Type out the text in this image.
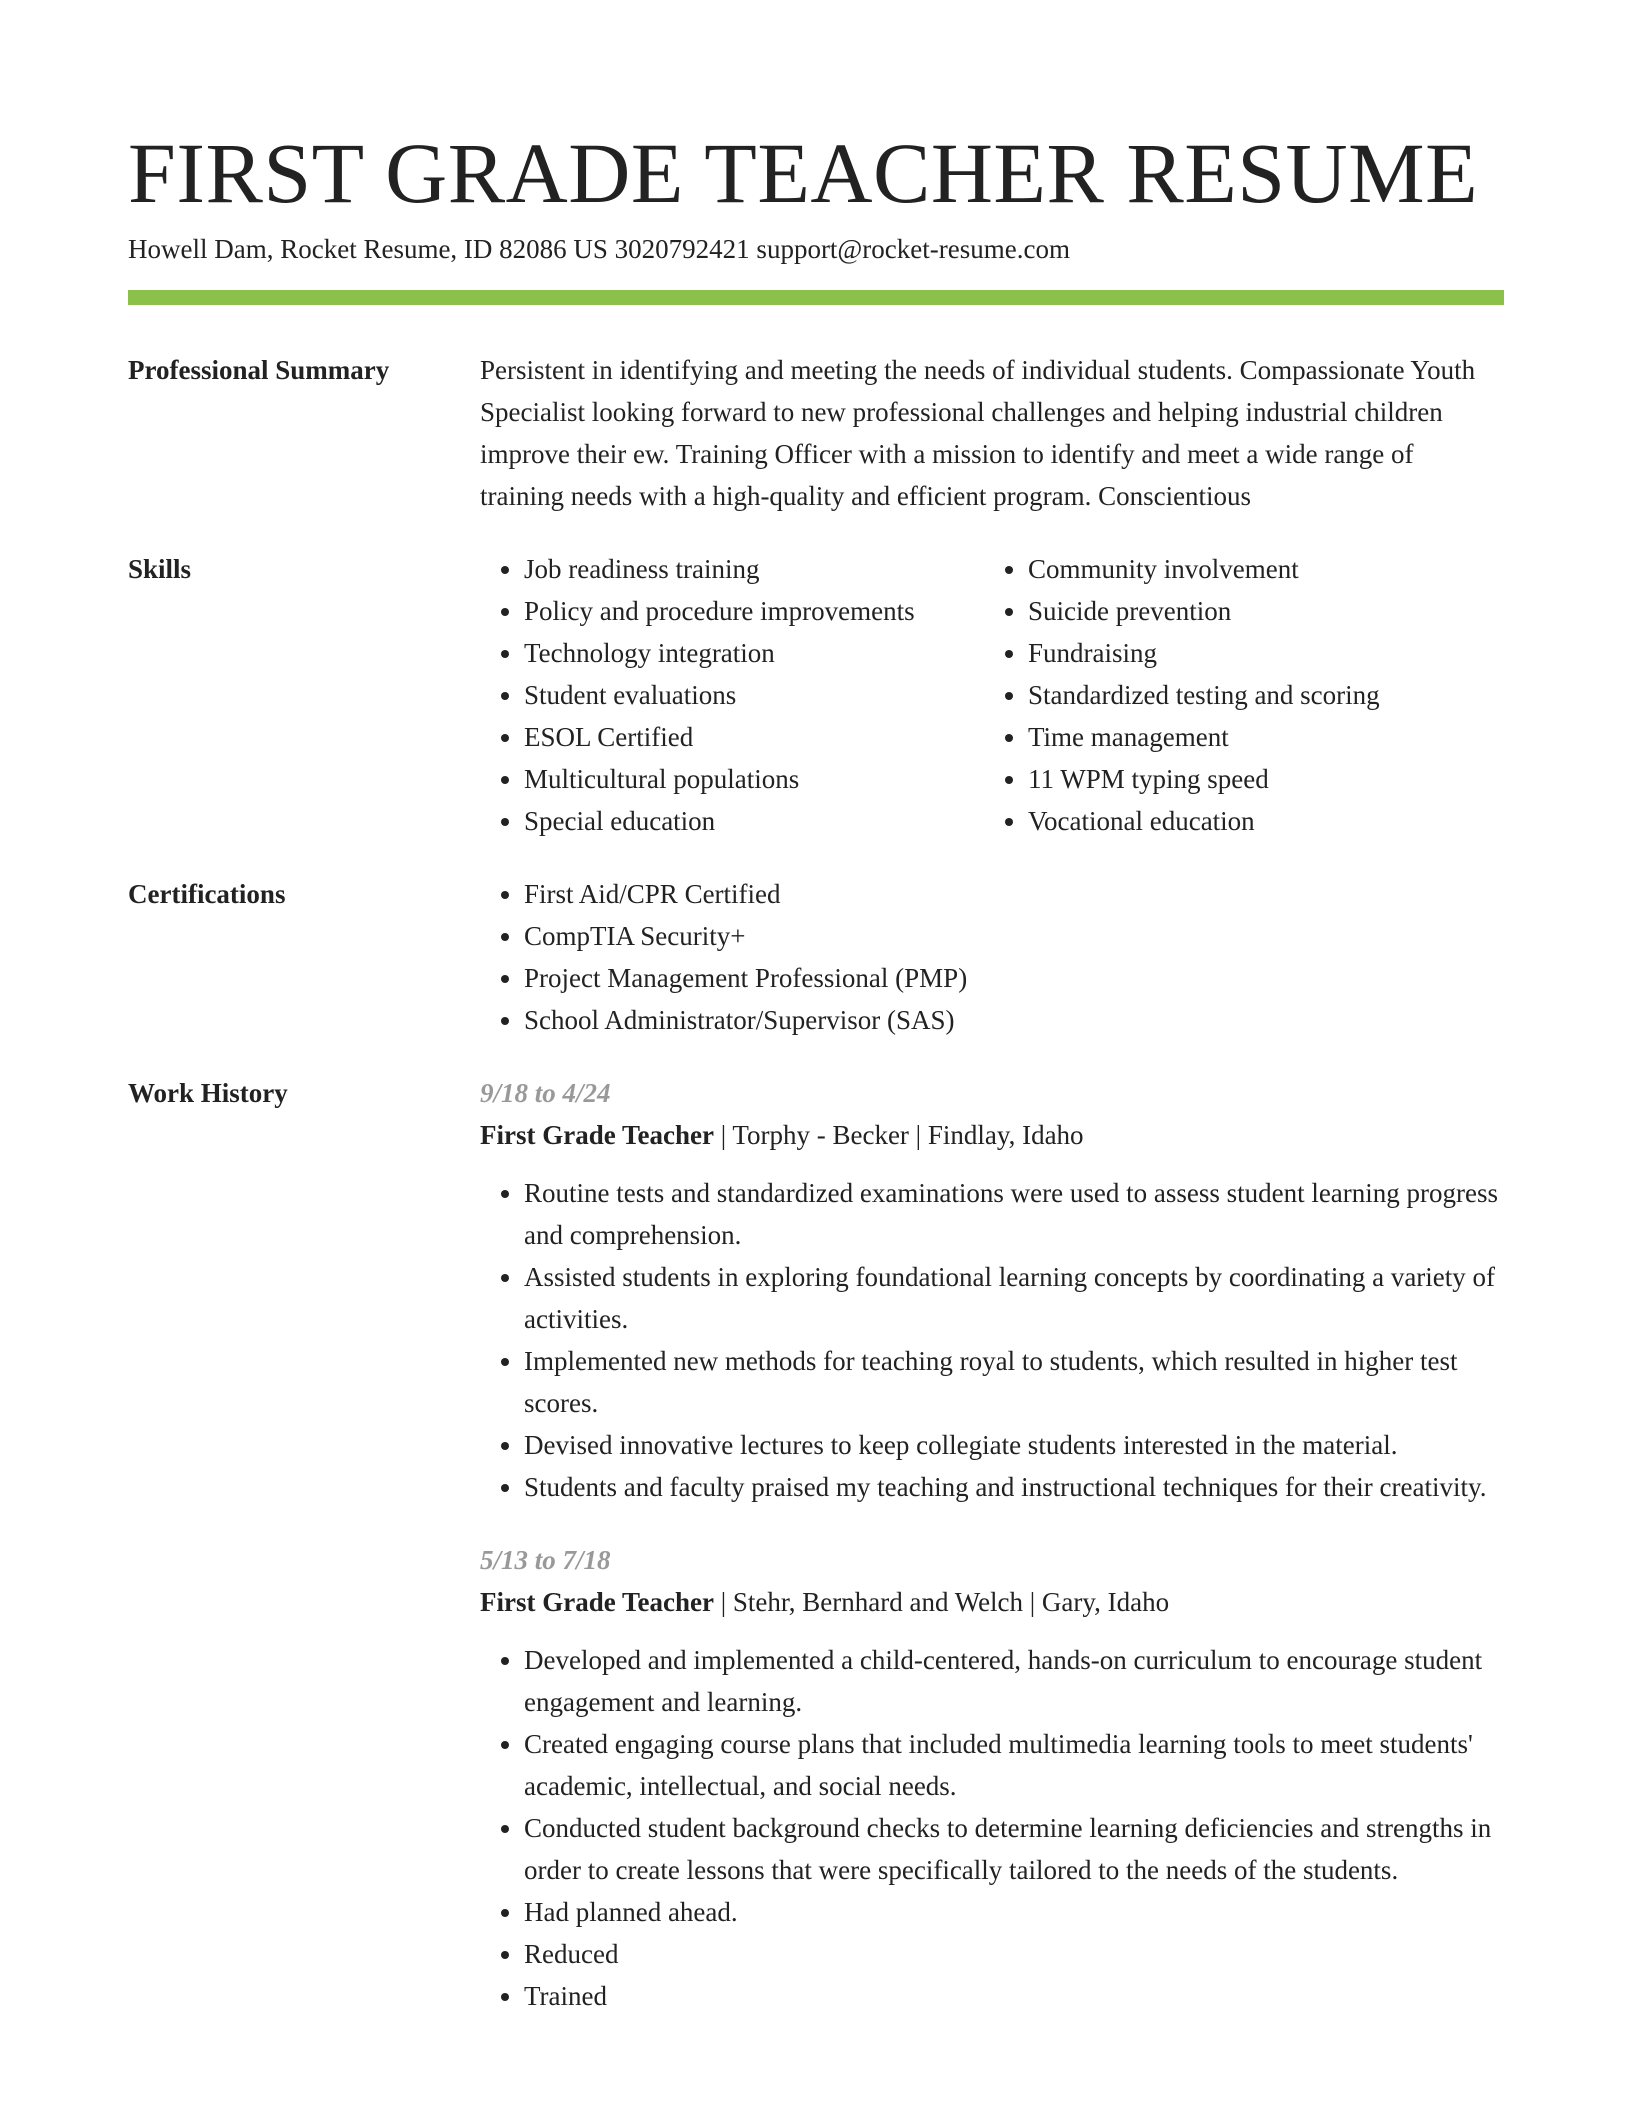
FIRST GRADE TEACHER RESUME
Howell Dam, Rocket Resume, ID 82086 US 3020792421 support@rocket-resume.com
Professional Summary	Persistent in identifying and meeting the needs of individual students. Compassionate Youth Specialist looking forward to new professional challenges and helping industrial children improve their ew. Training Officer with a mission to identify and meet a wide range of training needs with a high-quality and efficient program. Conscientious

Skills	• Job readiness training
• Policy and procedure improvements
• Technology integration
• Student evaluations
• ESOL Certified
• Multicultural populations
• Special education
• Community involvement
• Suicide prevention
• Fundraising
• Standardized testing and scoring
• Time management
• 11 WPM typing speed
• Vocational education
Certifications	• First Aid/CPR Certified
• CompTIA Security+
• Project Management Professional (PMP)
• School Administrator/Supervisor (SAS)
Work History	9/18 to 4/24
First Grade Teacher | Torphy - Becker | Findlay, Idaho
• Routine tests and standardized examinations were used to assess student learning progress and comprehension.
• Assisted students in exploring foundational learning concepts by coordinating a variety of activities.
• Implemented new methods for teaching royal to students, which resulted in higher test scores.
• Devised innovative lectures to keep collegiate students interested in the material.
• Students and faculty praised my teaching and instructional techniques for their creativity.
5/13 to 7/18
First Grade Teacher | Stehr, Bernhard and Welch | Gary, Idaho
• Developed and implemented a child-centered, hands-on curriculum to encourage student engagement and learning.
• Created engaging course plans that included multimedia learning tools to meet students' academic, intellectual, and social needs.
• Conducted student background checks to determine learning deficiencies and strengths in order to create lessons that were specifically tailored to the needs of the students.
• Had planned ahead.
• Reduced
• Trained
